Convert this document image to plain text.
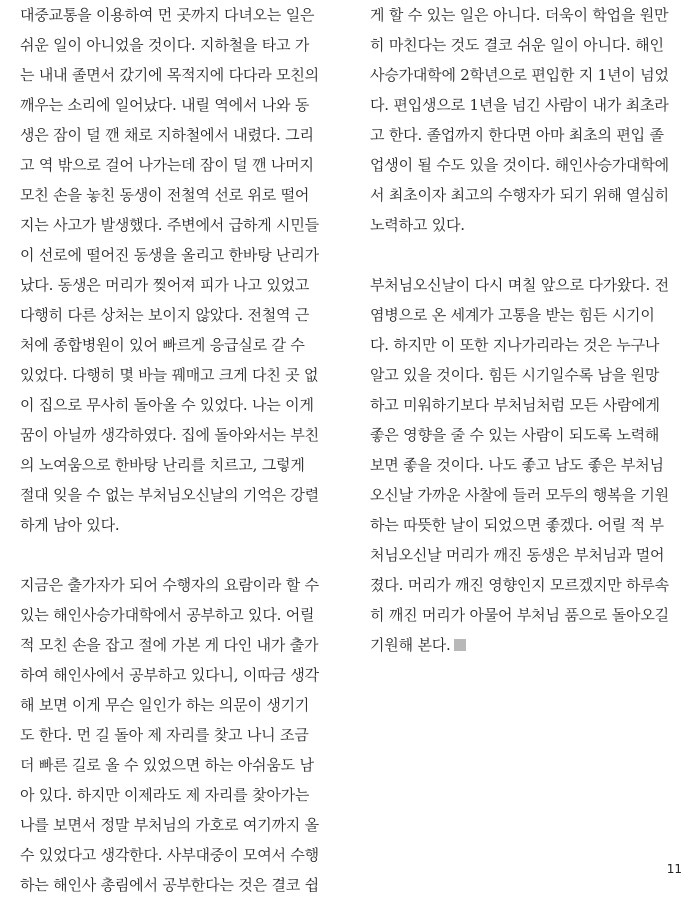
대중교통을 이용하여 먼 곳까지 다녀오는 일은
쉬운 일이 아니었을 것이다. 지하철을 타고 가
는 내내 졸면서 갔기에 목적지에 다다라 모친의
깨우는 소리에 일어났다. 내릴 역에서 나와 동
생은 잠이 덜 깬 채로 지하철에서 내렸다. 그리
고 역 밖으로 걸어 나가는데 잠이 덜 깬 나머지
모친 손을 놓친 동생이 전철역 선로 위로 떨어
지는 사고가 발생했다. 주변에서 급하게 시민들
이 선로에 떨어진 동생을 올리고 한바탕 난리가
났다. 동생은 머리가 찢어져 피가 나고 있었고
다행히 다른 상처는 보이지 않았다. 전철역 근
처에 종합병원이 있어 빠르게 응급실로 갈 수
있었다. 다행히 몇 바늘 꿰매고 크게 다친 곳 없
이 집으로 무사히 돌아올 수 있었다. 나는 이게
꿈이 아닐까 생각하였다. 집에 돌아와서는 부친
의 노여움으로 한바탕 난리를 치르고, 그렇게
절대 잊을 수 없는 부처님오신날의 기억은 강렬
하게 남아 있다.
지금은 출가자가 되어 수행자의 요람이라 할 수
있는 해인사승가대학에서 공부하고 있다. 어릴
적 모친 손을 잡고 절에 가본 게 다인 내가 출가
하여 해인사에서 공부하고 있다니, 이따금 생각
해 보면 이게 무슨 일인가 하는 의문이 생기기
도 한다. 먼 길 돌아 제 자리를 찾고 나니 조금
더 빠른 길로 올 수 있었으면 하는 아쉬움도 남
아 있다. 하지만 이제라도 제 자리를 찾아가는
나를 보면서 정말 부처님의 가호로 여기까지 올
수 있었다고 생각한다. 사부대중이 모여서 수행
하는 해인사 총림에서 공부한다는 것은 결코 쉽
게 할 수 있는 일은 아니다. 더욱이 학업을 원만
히 마친다는 것도 결코 쉬운 일이 아니다. 해인
사승가대학에 2학년으로 편입한 지 1년이 넘었
다. 편입생으로 1년을 넘긴 사람이 내가 최초라
고 한다. 졸업까지 한다면 아마 최초의 편입 졸
업생이 될 수도 있을 것이다. 해인사승가대학에
서 최초이자 최고의 수행자가 되기 위해 열심히
노력하고 있다.
부처님오신날이 다시 며칠 앞으로 다가왔다. 전
염병으로 온 세계가 고통을 받는 힘든 시기이
다. 하지만 이 또한 지나가리라는 것은 누구나
알고 있을 것이다. 힘든 시기일수록 남을 원망
하고 미워하기보다 부처님처럼 모든 사람에게
좋은 영향을 줄 수 있는 사람이 되도록 노력해
보면 좋을 것이다. 나도 좋고 남도 좋은 부처님
오신날 가까운 사찰에 들러 모두의 행복을 기원
하는 따뜻한 날이 되었으면 좋겠다. 어릴 적 부
처님오신날 머리가 깨진 동생은 부처님과 멀어
졌다. 머리가 깨진 영향인지 모르겠지만 하루속
히 깨진 머리가 아물어 부처님 품으로 돌아오길
기원해 본다.
11
